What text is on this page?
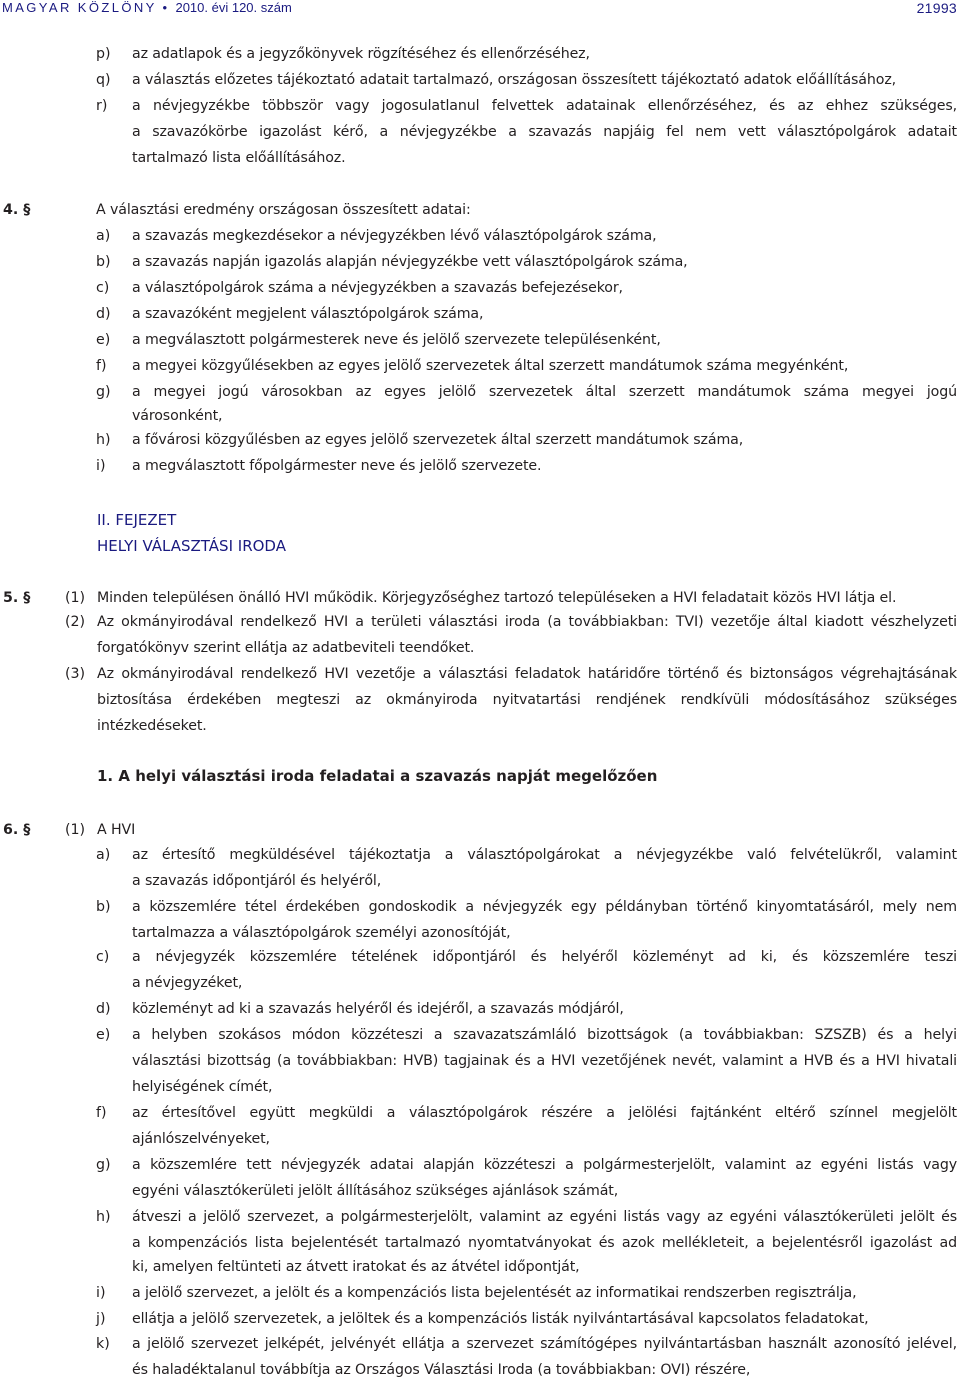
MAGYAR KÖZLÖNY • 2010. évi 120. szám	21993
p) az adatlapok és a jegyzőkönyvek rögzítéséhez és ellenőrzéséhez,
q) a választás előzetes tájékoztató adatait tartalmazó, országosan összesített tájékoztató adatok előállításához,
r) a névjegyzékbe többször vagy jogosulatlanul felvettek adatainak ellenőrzéséhez, és az ehhez szükséges,
a szavazókörbe igazolást kérő, a névjegyzékbe a szavazás napjáig fel nem vett választópolgárok adatait
tartalmazó lista előállításához.
4. §	A választási eredmény országosan összesített adatai:
a) a szavazás megkezdésekor a névjegyzékben lévő választópolgárok száma,
b) a szavazás napján igazolás alapján névjegyzékbe vett választópolgárok száma,
c) a választópolgárok száma a névjegyzékben a szavazás befejezésekor,
d) a szavazóként megjelent választópolgárok száma,
e) a megválasztott polgármesterek neve és jelölő szervezete településenként,
f) a megyei közgyűlésekben az egyes jelölő szervezetek által szerzett mandátumok száma megyénként,
g) a megyei jogú városokban az egyes jelölő szervezetek által szerzett mandátumok száma megyei jogú
városonként,
h) a fővárosi közgyűlésben az egyes jelölő szervezetek által szerzett mandátumok száma,
i) a megválasztott főpolgármester neve és jelölő szervezete.
II. FEJEZET
HELYI VÁLASZTÁSI IRODA
5. § (1) Minden településen önálló HVI működik. Körjegyzőséghez tartozó településeken a HVI feladatait közös HVI látja el.
(2) Az okmányirodával rendelkező HVI a területi választási iroda (a továbbiakban: TVI) vezetője által kiadott vészhelyzeti
forgatókönyv szerint ellátja az adatbeviteli teendőket.
(3) Az okmányirodával rendelkező HVI vezetője a választási feladatok határidőre történő és biztonságos végrehajtásának
biztosítása érdekében megteszi az okmányiroda nyitvatartási rendjének rendkívüli módosításához szükséges
intézkedéseket.
1. A helyi választási iroda feladatai a szavazás napját megelőzően
6. § (1) A HVI
a) az értesítő megküldésével tájékoztatja a választópolgárokat a névjegyzékbe való felvételükről, valamint
a szavazás időpontjáról és helyéről,
b) a közszemlére tétel érdekében gondoskodik a névjegyzék egy példányban történő kinyomtatásáról, mely nem
tartalmazza a választópolgárok személyi azonosítóját,
c) a névjegyzék közszemlére tételének időpontjáról és helyéről közleményt ad ki, és közszemlére teszi
a névjegyzéket,
d) közleményt ad ki a szavazás helyéről és idejéről, a szavazás módjáról,
e) a helyben szokásos módon közzéteszi a szavazatszámláló bizottságok (a továbbiakban: SZSZB) és a helyi
választási bizottság (a továbbiakban: HVB) tagjainak és a HVI vezetőjének nevét, valamint a HVB és a HVI hivatali
helyiségének címét,
f) az értesítővel együtt megküldi a választópolgárok részére a jelölési fajtánként eltérő színnel megjelölt
ajánlószelvényeket,
g) a közszemlére tett névjegyzék adatai alapján közzéteszi a polgármesterjelölt, valamint az egyéni listás vagy
egyéni választókerületi jelölt állításához szükséges ajánlások számát,
h) átveszi a jelölő szervezet, a polgármesterjelölt, valamint az egyéni listás vagy az egyéni választókerületi jelölt és
a kompenzációs lista bejelentését tartalmazó nyomtatványokat és azok mellékleteit, a bejelentésről igazolást ad
ki, amelyen feltünteti az átvett iratokat és az átvétel időpontját,
i) a jelölő szervezet, a jelölt és a kompenzációs lista bejelentését az informatikai rendszerben regisztrálja,
j) ellátja a jelölő szervezetek, a jelöltek és a kompenzációs listák nyilvántartásával kapcsolatos feladatokat,
k) a jelölő szervezet jelképét, jelvényét ellátja a szervezet számítógépes nyilvántartásban használt azonosító jelével,
és haladéktalanul továbbítja az Országos Választási Iroda (a továbbiakban: OVI) részére,
